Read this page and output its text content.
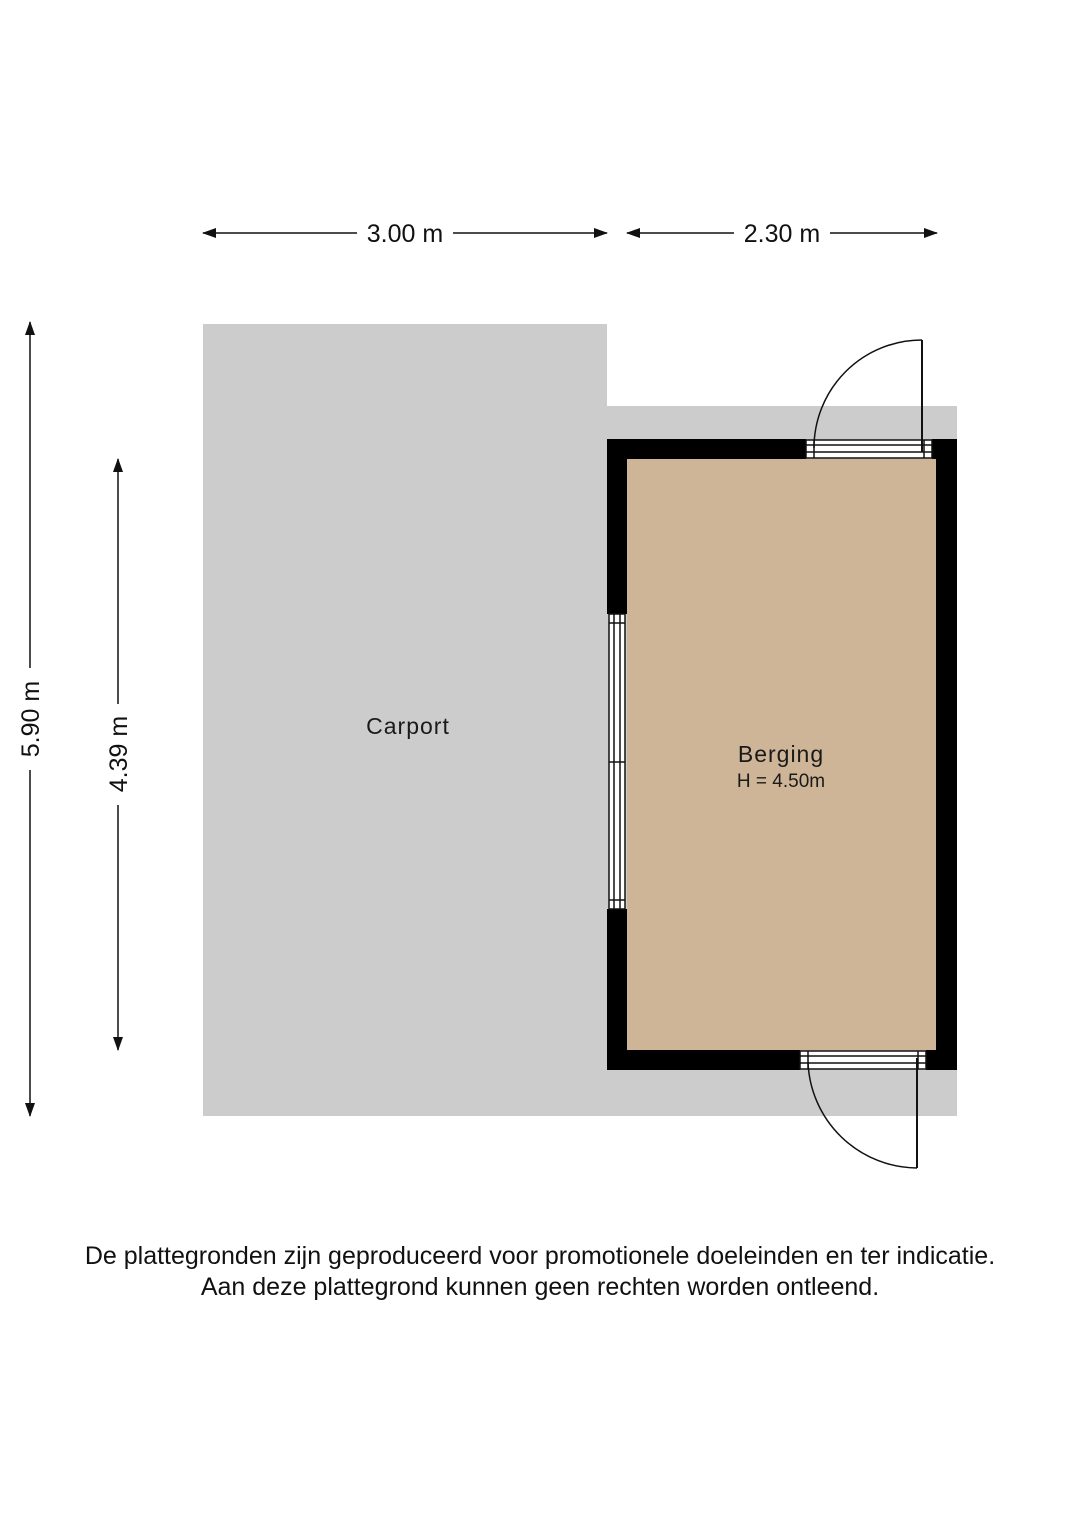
3.00 m	2.30 m
5.90 m 4.39 m	Carport
Berging
H = 4.50m
De plattegronden zijn geproduceerd voor promotionele doeleinden en ter indicatie.
Aan deze plattegrond kunnen geen rechten worden ontleend.
